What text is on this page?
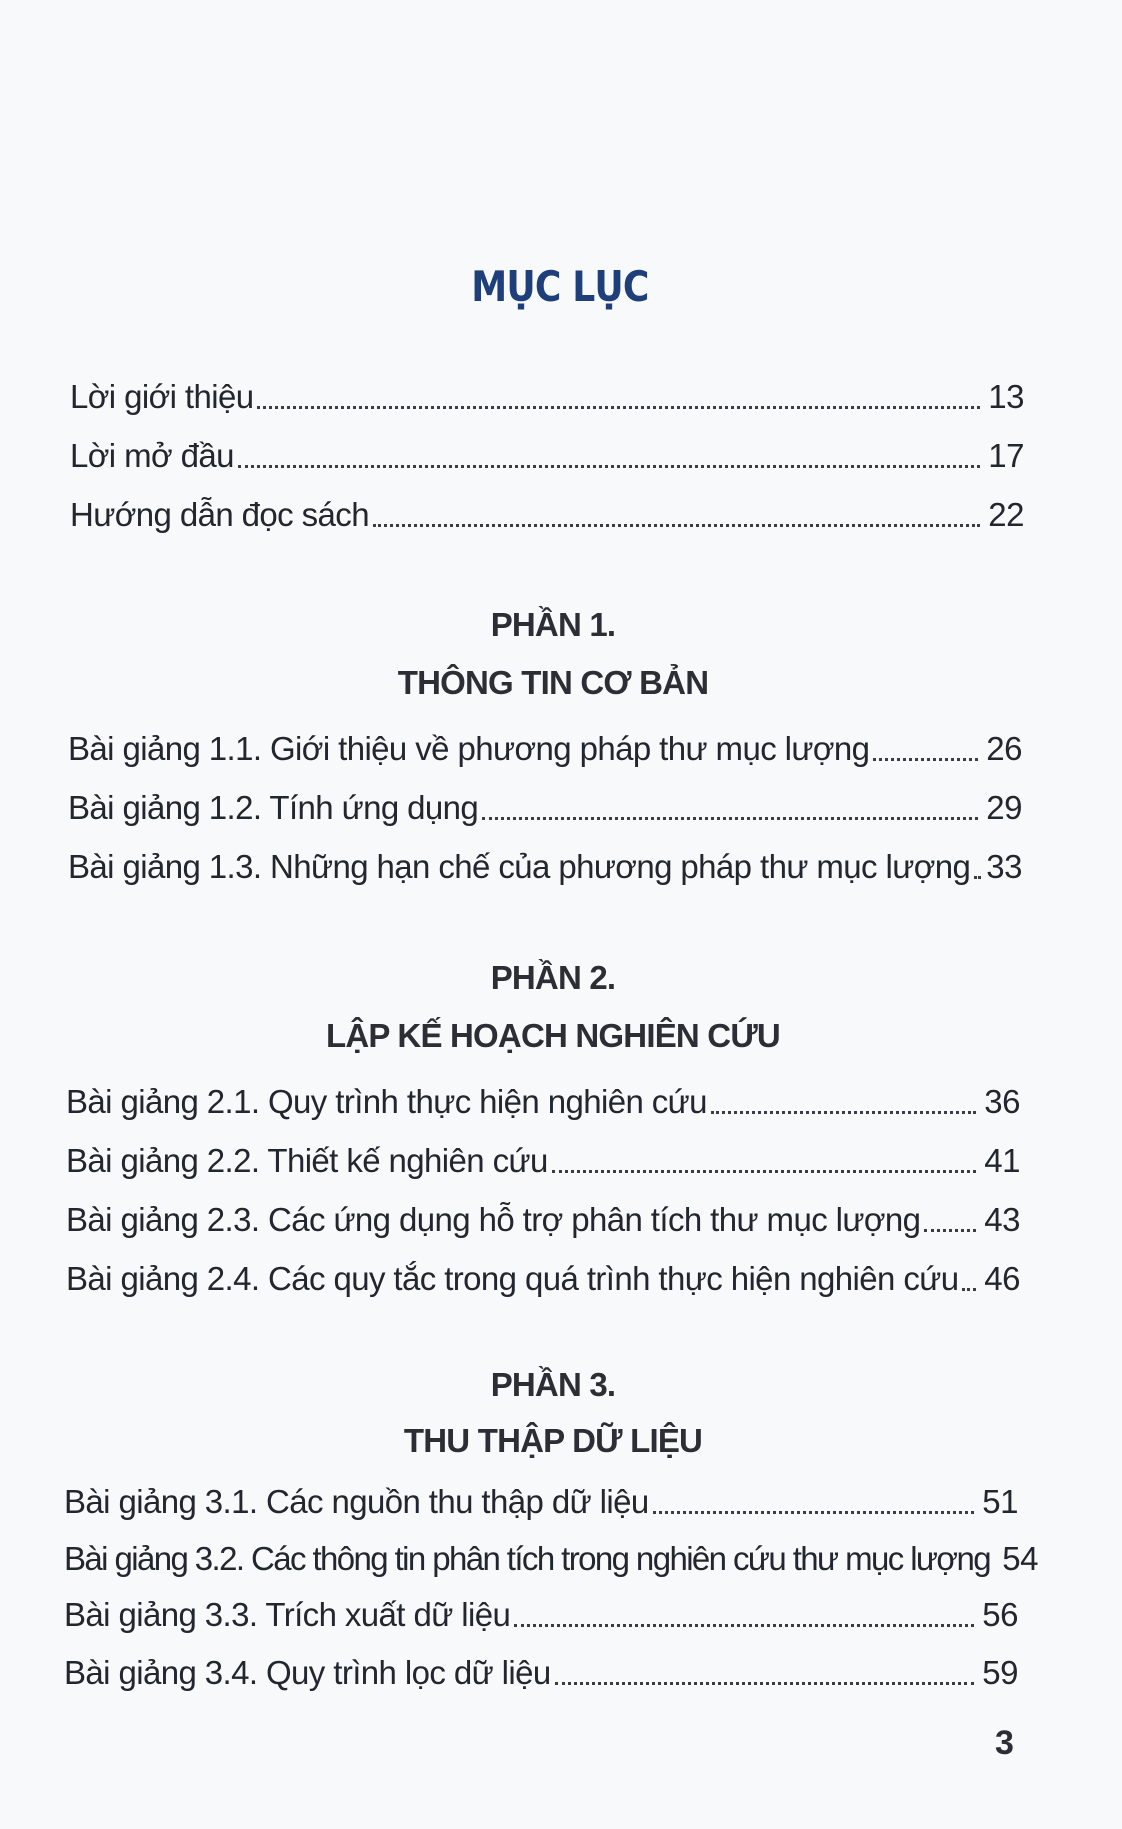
MỤC LỤC
Lời giới thiệu	13
Lời mở đầu	17
Hướng dẫn đọc sách	22
PHẦN 1.
THÔNG TIN CƠ BẢN
Bài giảng 1.1. Giới thiệu về phương pháp thư mục lượng	26
Bài giảng 1.2. Tính ứng dụng	29
Bài giảng 1.3. Những hạn chế của phương pháp thư mục lượng 33
PHẦN 2.
LẬP KẾ HOẠCH NGHIÊN CỨU
Bài giảng 2.1. Quy trình thực hiện nghiên cứu	36
Bài giảng 2.2. Thiết kế nghiên cứu	41
Bài giảng 2.3. Các ứng dụng hỗ trợ phân tích thư mục lượng 43
Bài giảng 2.4. Các quy tắc trong quá trình thực hiện nghiên cứu 46
PHẦN 3.
THU THẬP DỮ LIỆU
Bài giảng 3.1. Các nguồn thu thập dữ liệu	51
Bài giảng 3.2. Các thông tin phân tích trong nghiên cứu thư mục lượng 54
Bài giảng 3.3. Trích xuất dữ liệu	56
Bài giảng 3.4. Quy trình lọc dữ liệu	59
3
